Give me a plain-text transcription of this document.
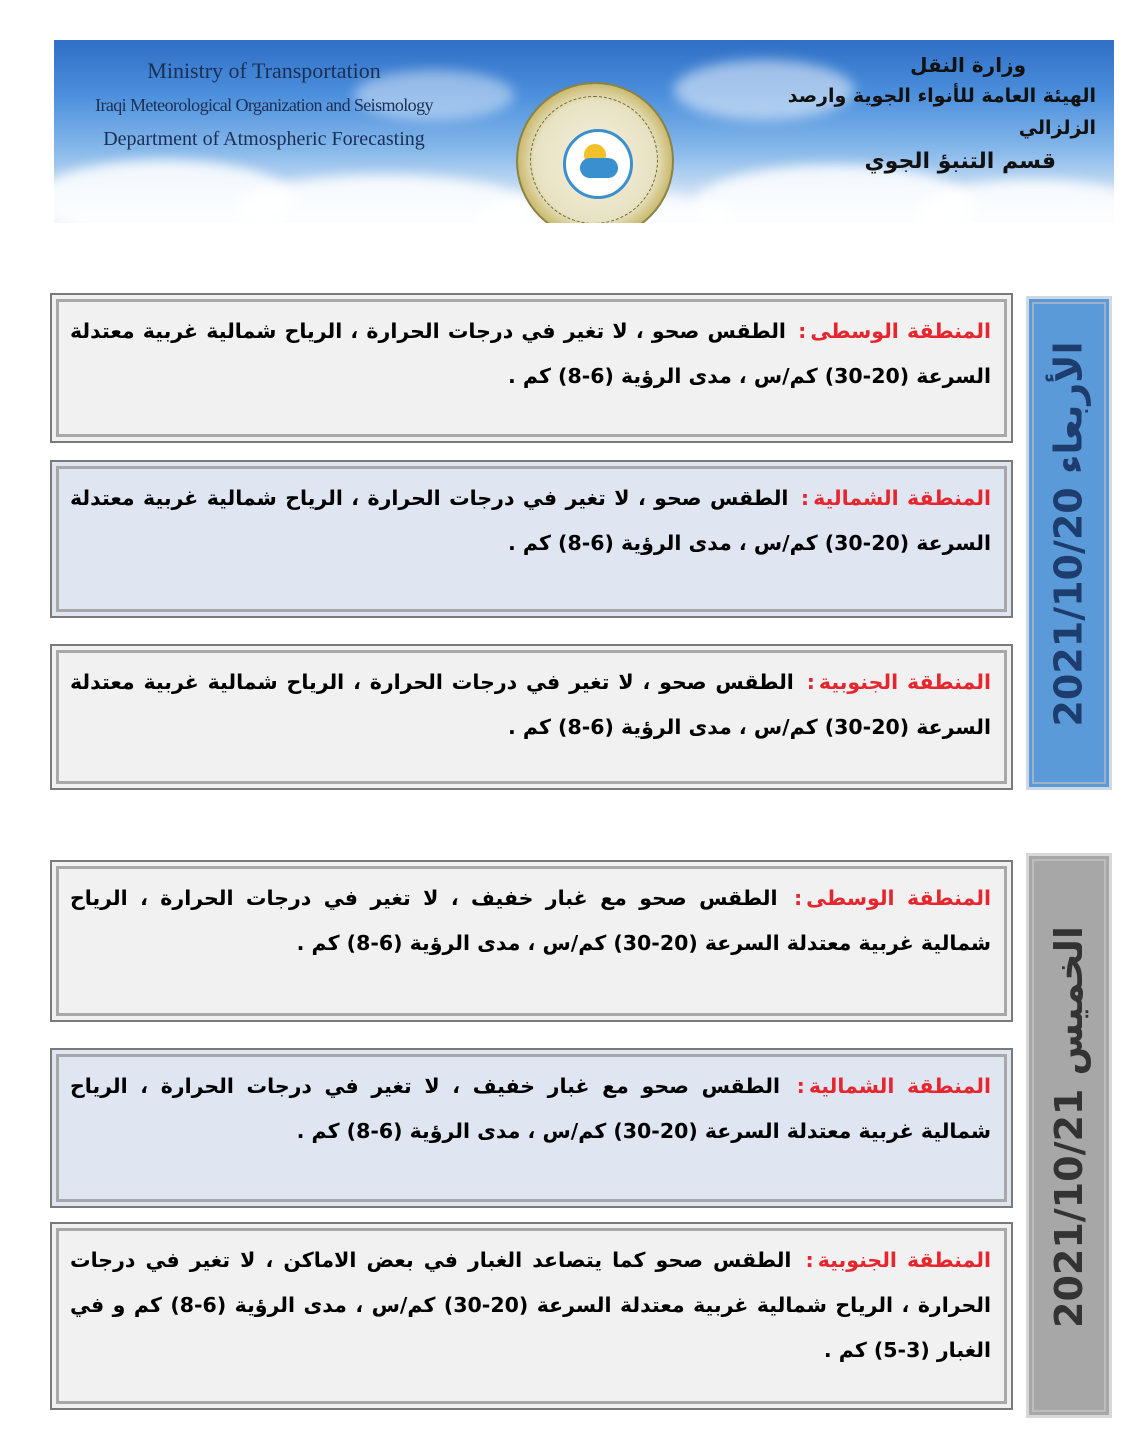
Ministry of Transportation
Iraqi Meteorological Organization and Seismology
Department of Atmospheric Forecasting
وزارة النقل
الهيئة العامة للأنواء الجوية وارصد الزلزالي
قسم التنبؤ الجوي
المنطقة الوسطى: الطقس صحو ، لا تغير في درجات الحرارة ، الرياح شمالية غربية معتدلة السرعة (20-30) كم/س ، مدى الرؤية (6-8) كم .
المنطقة الشمالية: الطقس صحو ، لا تغير في درجات الحرارة ، الرياح شمالية غربية معتدلة السرعة (20-30) كم/س ، مدى الرؤية (6-8) كم .
المنطقة الجنوبية: الطقس صحو ، لا تغير في درجات الحرارة ، الرياح شمالية غربية معتدلة السرعة (20-30) كم/س ، مدى الرؤية (6-8) كم .
الأربعاء 2021/10/20
المنطقة الوسطى: الطقس صحو مع غبار خفيف ، لا تغير في درجات الحرارة ، الرياح شمالية غربية معتدلة السرعة (20-30) كم/س ، مدى الرؤية (6-8) كم .
المنطقة الشمالية: الطقس صحو مع غبار خفيف ، لا تغير في درجات الحرارة ، الرياح شمالية غربية معتدلة السرعة (20-30) كم/س ، مدى الرؤية (6-8) كم .
المنطقة الجنوبية: الطقس صحو كما يتصاعد الغبار في بعض الاماكن ، لا تغير في درجات الحرارة ، الرياح شمالية غربية معتدلة السرعة (20-30) كم/س ، مدى الرؤية (6-8) كم و في الغبار (3-5) كم .
الخميس 2021/10/21
